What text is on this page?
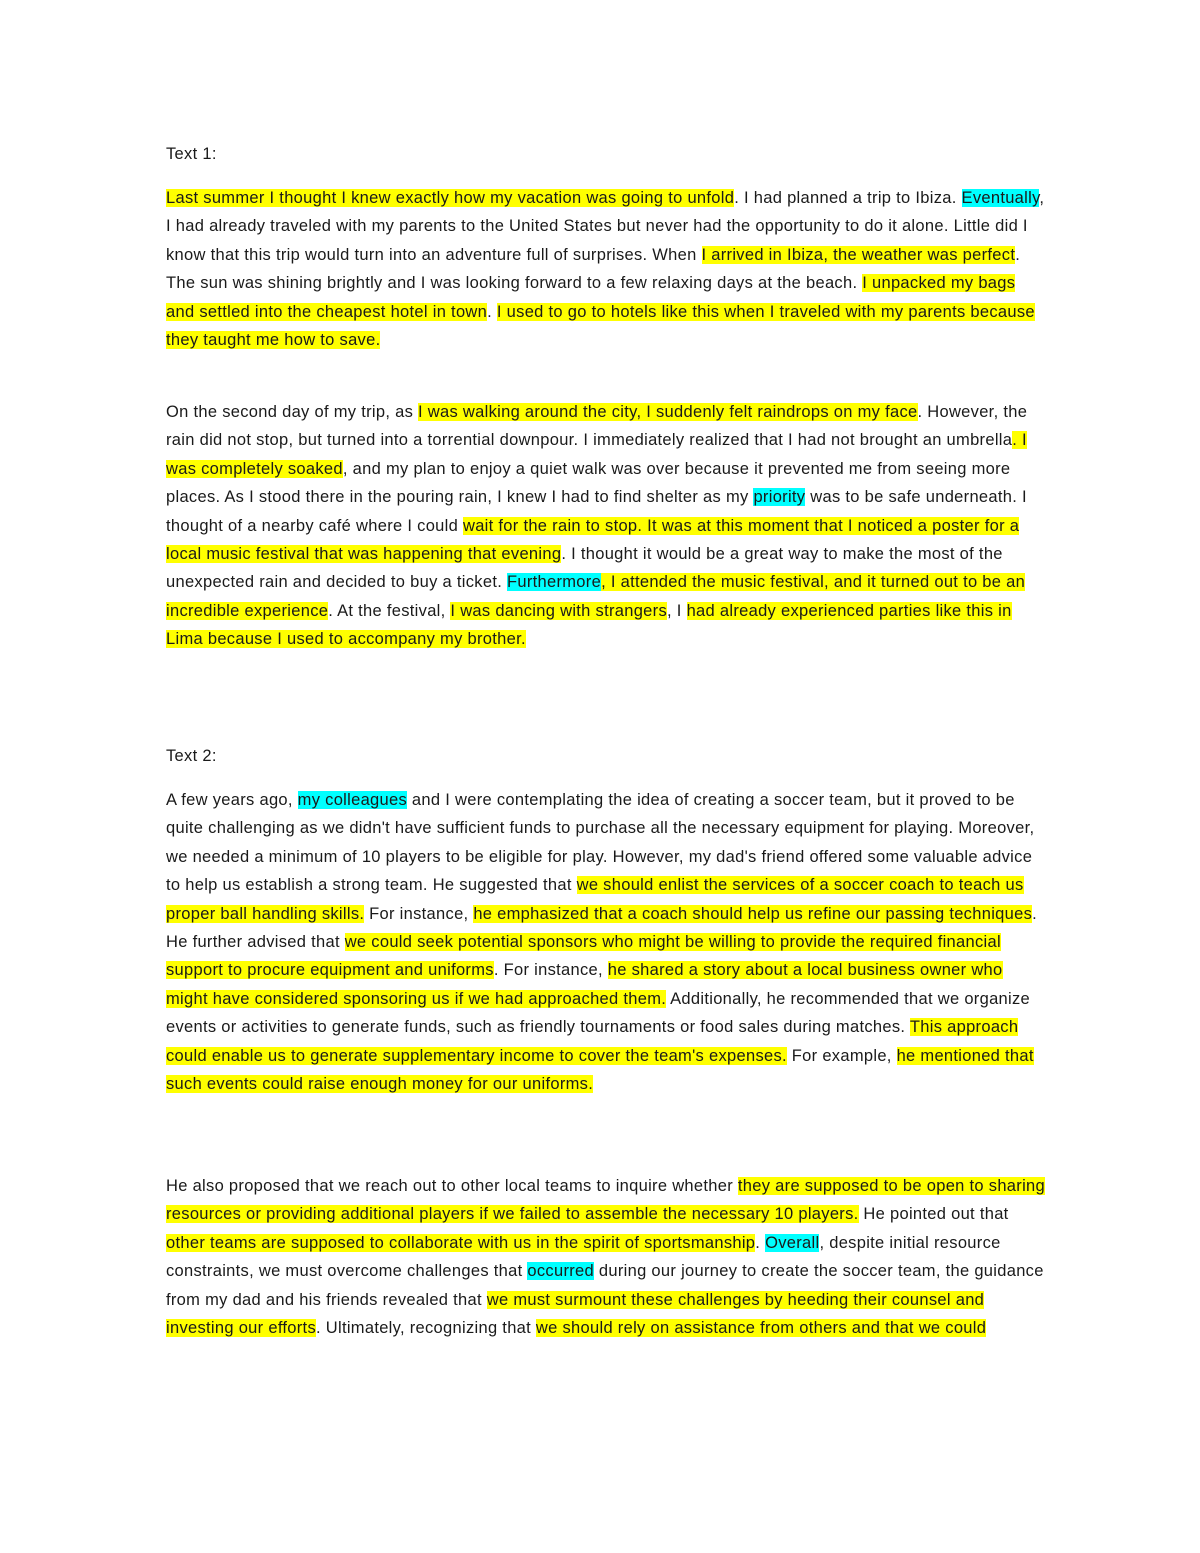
Text 1:

Last summer I thought I knew exactly how my vacation was going to unfold. I had planned a trip to Ibiza. Eventually, I had already traveled with my parents to the United States but never had the opportunity to do it alone. Little did I know that this trip would turn into an adventure full of surprises. When I arrived in Ibiza, the weather was perfect. The sun was shining brightly and I was looking forward to a few relaxing days at the beach. I unpacked my bags and settled into the cheapest hotel in town. I used to go to hotels like this when I traveled with my parents because they taught me how to save.

On the second day of my trip, as I was walking around the city, I suddenly felt raindrops on my face. However, the rain did not stop, but turned into a torrential downpour. I immediately realized that I had not brought an umbrella. I was completely soaked, and my plan to enjoy a quiet walk was over because it prevented me from seeing more places. As I stood there in the pouring rain, I knew I had to find shelter as my priority was to be safe underneath. I thought of a nearby café where I could wait for the rain to stop. It was at this moment that I noticed a poster for a local music festival that was happening that evening. I thought it would be a great way to make the most of the unexpected rain and decided to buy a ticket. Furthermore, I attended the music festival, and it turned out to be an incredible experience. At the festival, I was dancing with strangers, I had already experienced parties like this in Lima because I used to accompany my brother.

Text 2:

A few years ago, my colleagues and I were contemplating the idea of creating a soccer team, but it proved to be quite challenging as we didn't have sufficient funds to purchase all the necessary equipment for playing. Moreover, we needed a minimum of 10 players to be eligible for play. However, my dad's friend offered some valuable advice to help us establish a strong team. He suggested that we should enlist the services of a soccer coach to teach us proper ball handling skills. For instance, he emphasized that a coach should help us refine our passing techniques. He further advised that we could seek potential sponsors who might be willing to provide the required financial support to procure equipment and uniforms. For instance, he shared a story about a local business owner who might have considered sponsoring us if we had approached them. Additionally, he recommended that we organize events or activities to generate funds, such as friendly tournaments or food sales during matches. This approach could enable us to generate supplementary income to cover the team's expenses. For example, he mentioned that such events could raise enough money for our uniforms.

He also proposed that we reach out to other local teams to inquire whether they are supposed to be open to sharing resources or providing additional players if we failed to assemble the necessary 10 players. He pointed out that other teams are supposed to collaborate with us in the spirit of sportsmanship. Overall, despite initial resource constraints, we must overcome challenges that occurred during our journey to create the soccer team, the guidance from my dad and his friends revealed that we must surmount these challenges by heeding their counsel and investing our efforts. Ultimately, recognizing that we should rely on assistance from others and that we could
